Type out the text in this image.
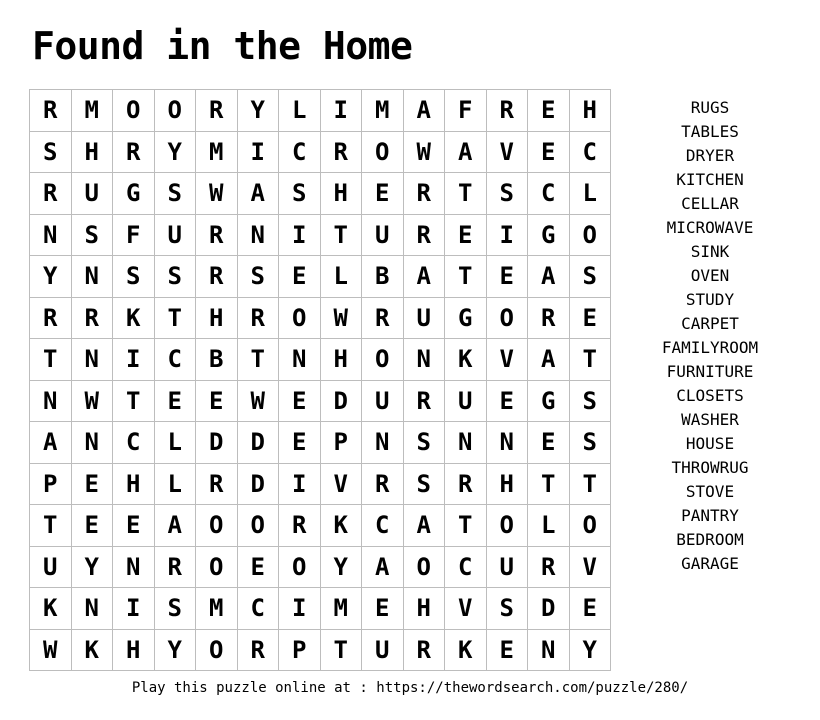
Found in the Home
R	M	O	O	R	Y	L	I	M	A	F	R	E	H
S	H	R	Y	M	I	C	R	O	W	A	V	E	C
R	U	G	S	W	A	S	H	E	R	T	S	C	L
N	S	F	U	R	N	I	T	U	R	E	I	G	O
Y	N	S	S	R	S	E	L	B	A	T	E	A	S
R	R	K	T	H	R	O	W	R	U	G	O	R	E
T	N	I	C	B	T	N	H	O	N	K	V	A	T
N	W	T	E	E	W	E	D	U	R	U	E	G	S
A	N	C	L	D	D	E	P	N	S	N	N	E	S
P	E	H	L	R	D	I	V	R	S	R	H	T	T
T	E	E	A	O	O	R	K	C	A	T	O	L	O
U	Y	N	R	O	E	O	Y	A	O	C	U	R	V
K	N	I	S	M	C	I	M	E	H	V	S	D	E
W	K	H	Y	O	R	P	T	U	R	K	E	N	Y
RUGS
TABLES
DRYER
KITCHEN
CELLAR
MICROWAVE
SINK
OVEN
STUDY
CARPET
FAMILYROOM
FURNITURE
CLOSETS
WASHER
HOUSE
THROWRUG
STOVE
PANTRY
BEDROOM
GARAGE
Play this puzzle online at : https://thewordsearch.com/puzzle/280/
